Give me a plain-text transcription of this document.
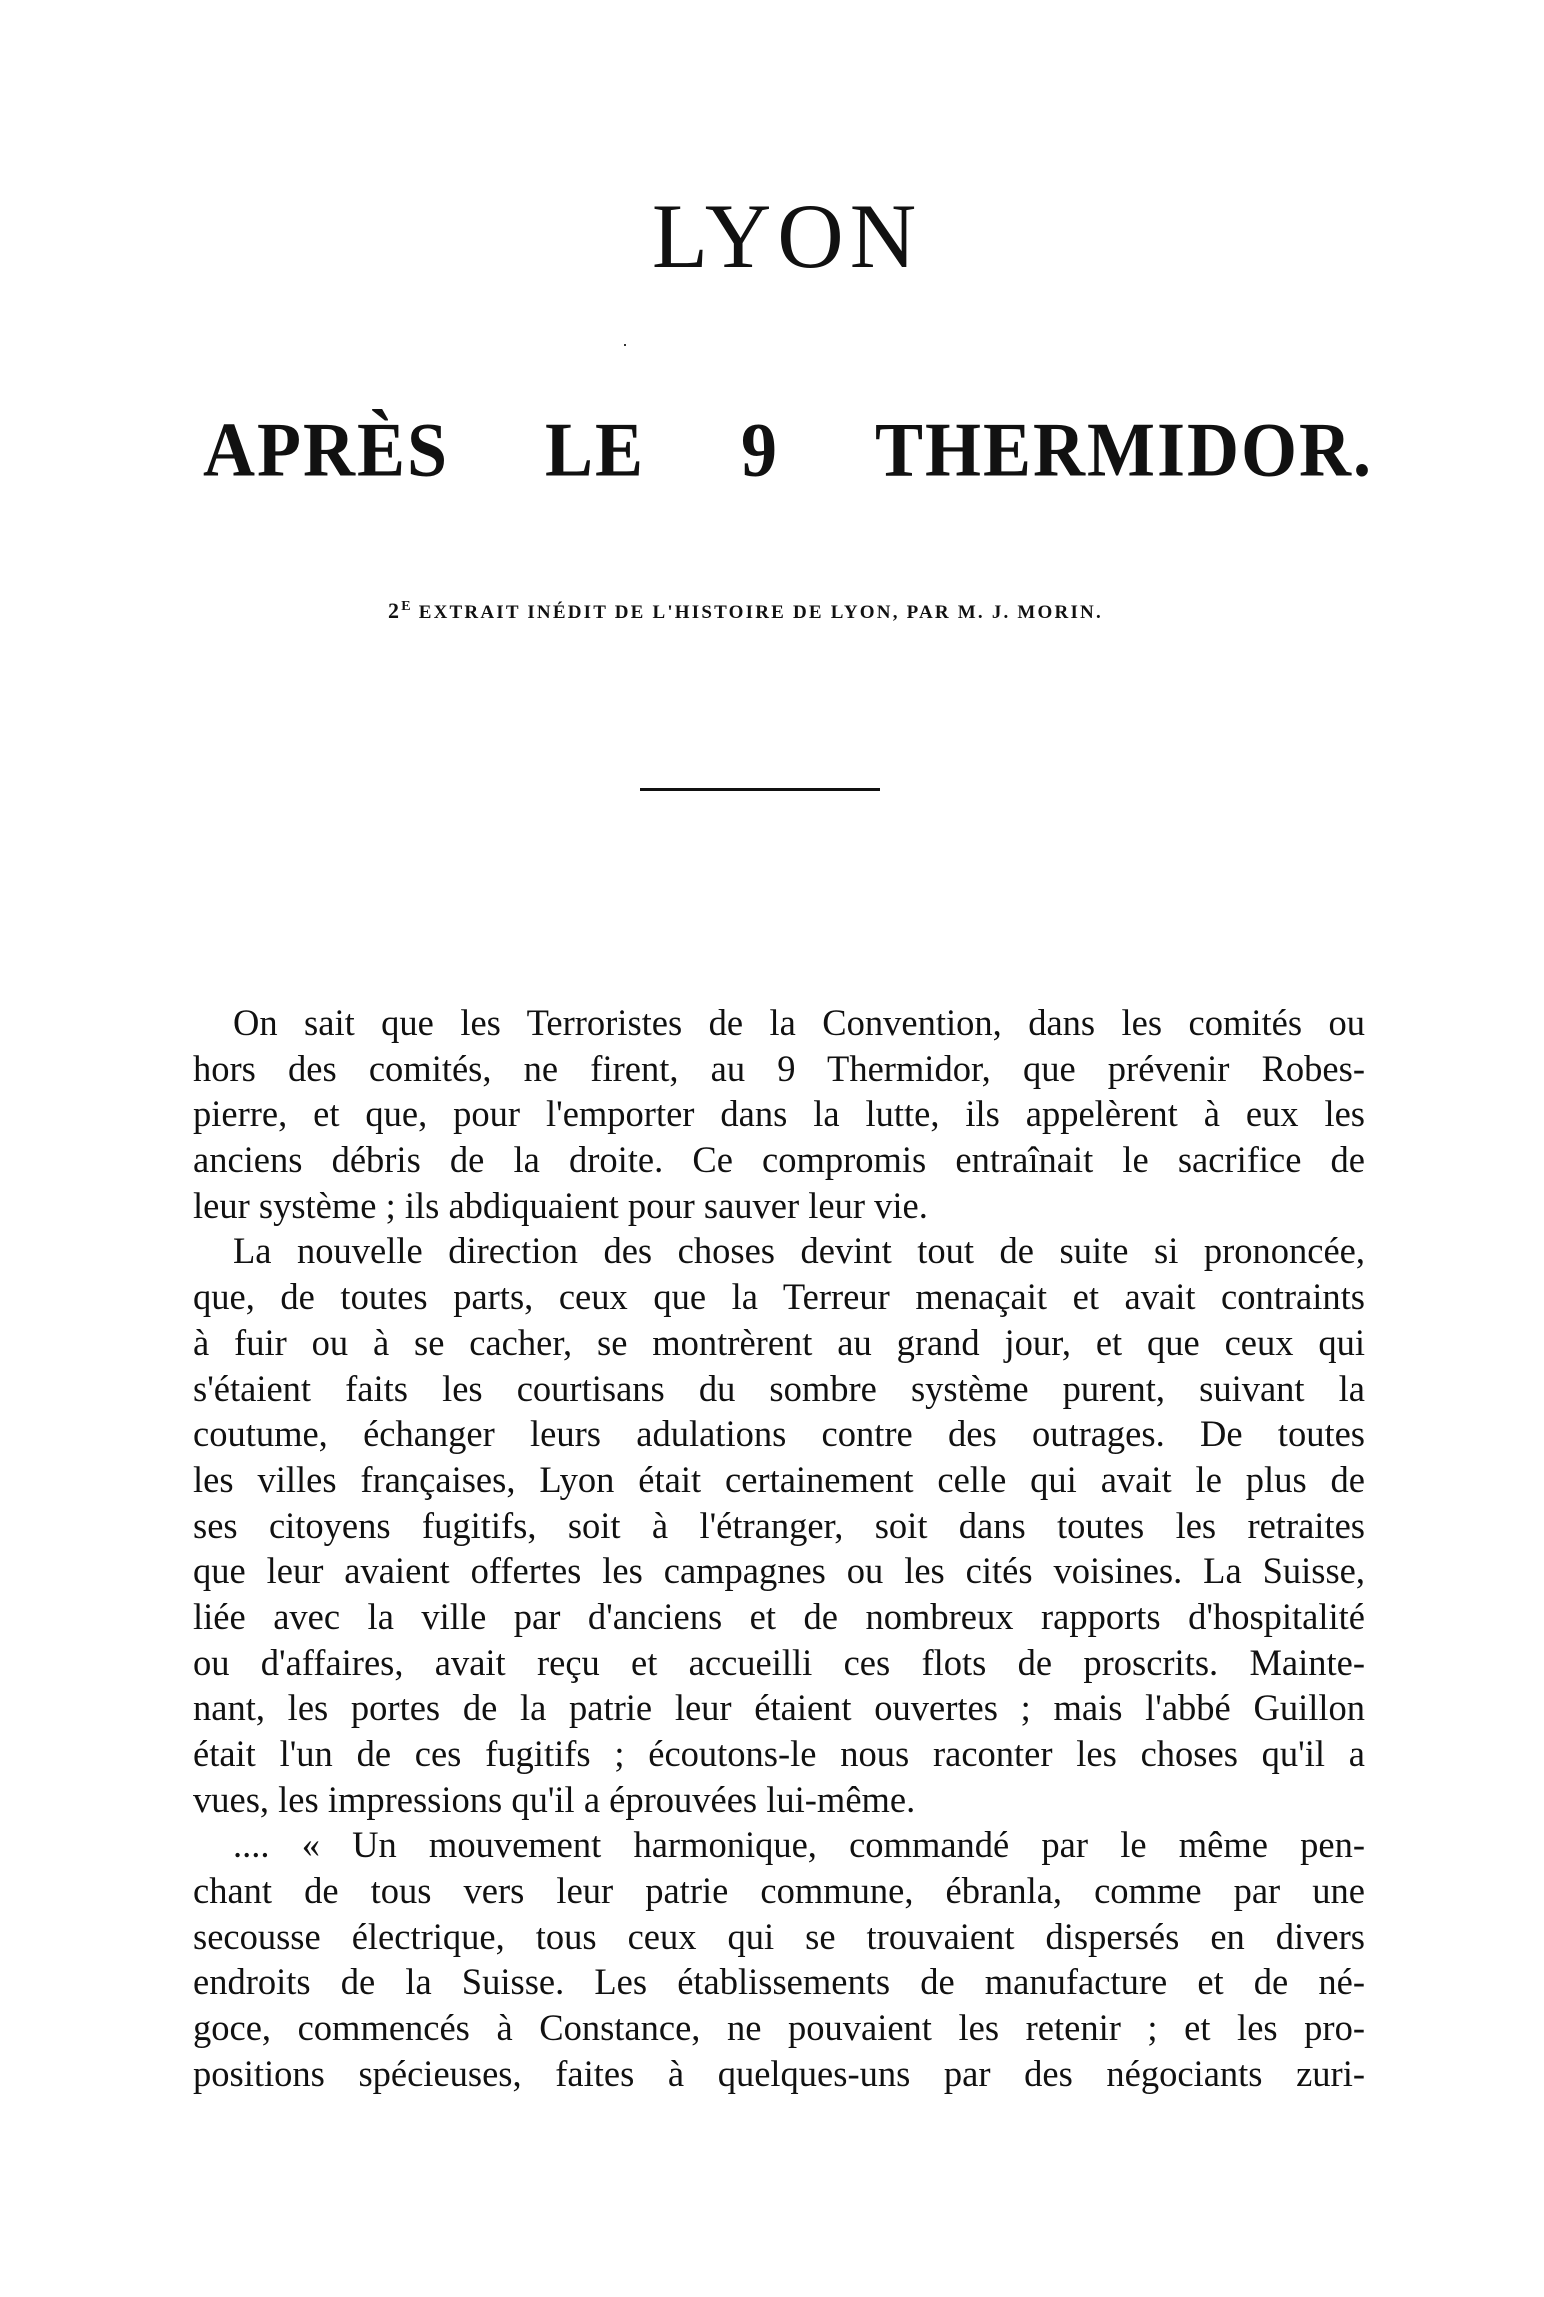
LYON
APRÈS LE 9 THERMIDOR.

$2^E$ EXTRAIT INÉDIT DE L'HISTOIRE DE LYON, PAR M. J. MORIN.

On sait que les Terroristes de la Convention, dans les comités ou
hors des comités, ne firent, au 9 Thermidor, que prévenir Robes-
pierre, et que, pour l'emporter dans la lutte, ils appelèrent à eux les
anciens débris de la droite. Ce compromis entraînait le sacrifice de
leur système ; ils abdiquaient pour sauver leur vie.
La nouvelle direction des choses devint tout de suite si prononcée,
que, de toutes parts, ceux que la Terreur menaçait et avait contraints
à fuir ou à se cacher, se montrèrent au grand jour, et que ceux qui
s'étaient faits les courtisans du sombre système purent, suivant la
coutume, échanger leurs adulations contre des outrages. De toutes
les villes françaises, Lyon était certainement celle qui avait le plus de
ses citoyens fugitifs, soit à l'étranger, soit dans toutes les retraites
que leur avaient offertes les campagnes ou les cités voisines. La Suisse,
liée avec la ville par d'anciens et de nombreux rapports d'hospitalité
ou d'affaires, avait reçu et accueilli ces flots de proscrits. Mainte-
nant, les portes de la patrie leur étaient ouvertes ; mais l'abbé Guillon
était l'un de ces fugitifs ; écoutons-le nous raconter les choses qu'il a
vues, les impressions qu'il a éprouvées lui-même.
.... « Un mouvement harmonique, commandé par le même pen-
chant de tous vers leur patrie commune, ébranla, comme par une
secousse électrique, tous ceux qui se trouvaient dispersés en divers
endroits de la Suisse. Les établissements de manufacture et de né-
goce, commencés à Constance, ne pouvaient les retenir ; et les pro-
positions spécieuses, faites à quelques-uns par des négociants zuri-
